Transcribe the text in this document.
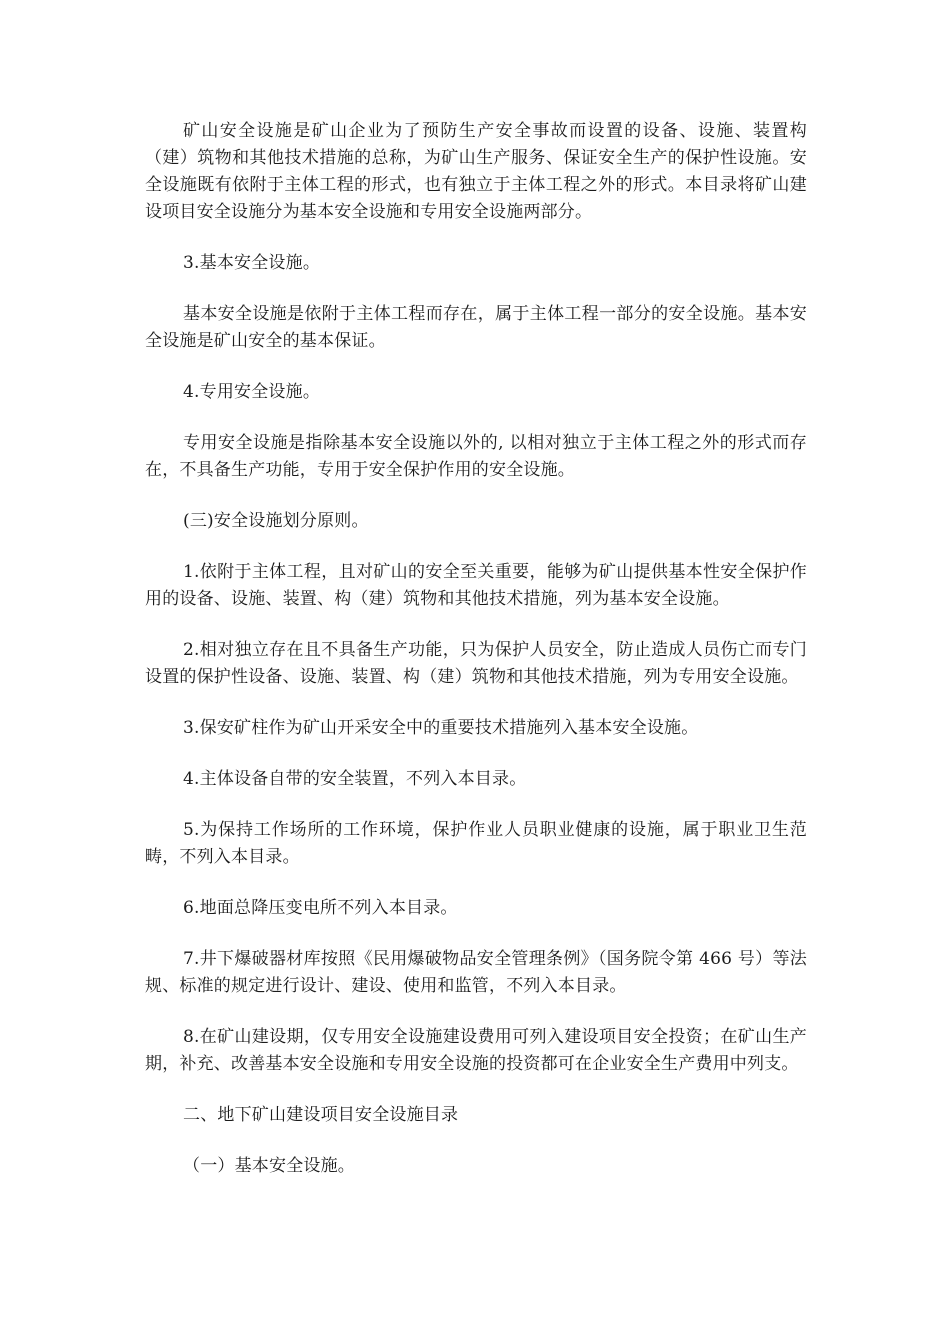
矿山安全设施是矿山企业为了预防生产安全事故而设置的设备、设施、装置构（建）筑物和其他技术措施的总称，为矿山生产服务、保证安全生产的保护性设施。安全设施既有依附于主体工程的形式，也有独立于主体工程之外的形式。本目录将矿山建设项目安全设施分为基本安全设施和专用安全设施两部分。

3.基本安全设施。

基本安全设施是依附于主体工程而存在，属于主体工程一部分的安全设施。基本安全设施是矿山安全的基本保证。

4.专用安全设施。

专用安全设施是指除基本安全设施以外的, 以相对独立于主体工程之外的形式而存在，不具备生产功能，专用于安全保护作用的安全设施。

(三)安全设施划分原则。

1.依附于主体工程，且对矿山的安全至关重要，能够为矿山提供基本性安全保护作用的设备、设施、装置、构（建）筑物和其他技术措施，列为基本安全设施。

2.相对独立存在且不具备生产功能，只为保护人员安全，防止造成人员伤亡而专门设置的保护性设备、设施、装置、构（建）筑物和其他技术措施，列为专用安全设施。

3.保安矿柱作为矿山开采安全中的重要技术措施列入基本安全设施。

4.主体设备自带的安全装置，不列入本目录。

5.为保持工作场所的工作环境，保护作业人员职业健康的设施，属于职业卫生范畴，不列入本目录。

6.地面总降压变电所不列入本目录。

7.井下爆破器材库按照《民用爆破物品安全管理条例》（国务院令第 466 号）等法规、标准的规定进行设计、建设、使用和监管，不列入本目录。

8.在矿山建设期，仅专用安全设施建设费用可列入建设项目安全投资；在矿山生产期，补充、改善基本安全设施和专用安全设施的投资都可在企业安全生产费用中列支。

二、地下矿山建设项目安全设施目录

（一）基本安全设施。
